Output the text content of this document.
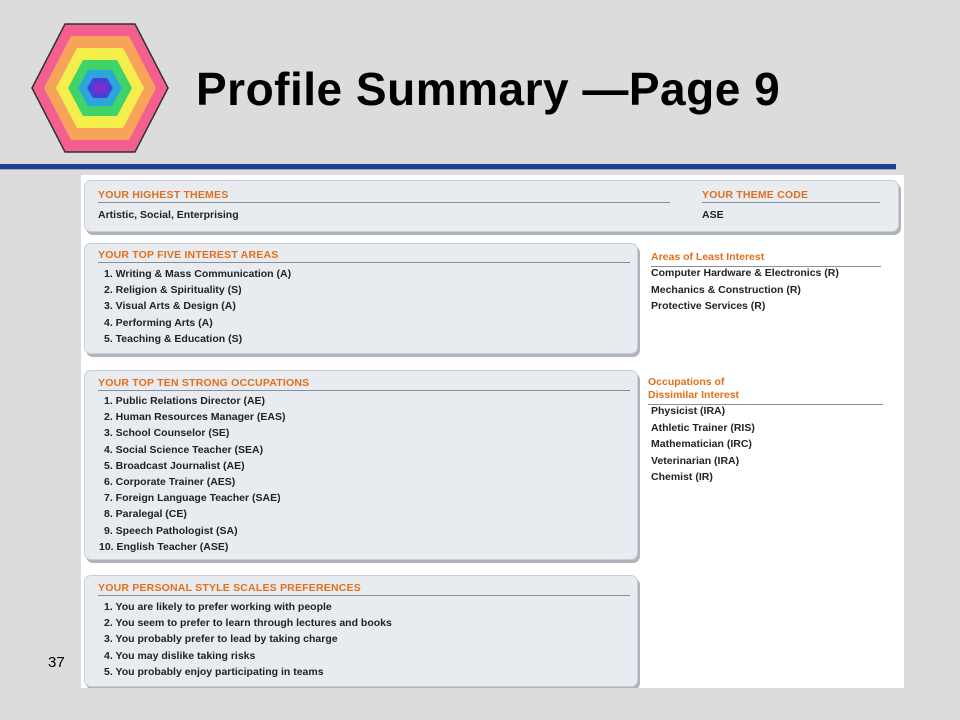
Profile Summary —Page 9
YOUR HIGHEST THEMES
Artistic, Social, Enterprising
YOUR THEME CODE
ASE
YOUR TOP FIVE INTEREST AREAS
1. Writing & Mass Communication (A)
2. Religion & Spirituality (S)
3. Visual Arts & Design (A)
4. Performing Arts (A)
5. Teaching & Education (S)
Areas of Least Interest
Computer Hardware & Electronics (R)
Mechanics & Construction (R)
Protective Services (R)
YOUR TOP TEN STRONG OCCUPATIONS
1. Public Relations Director (AE)
2. Human Resources Manager (EAS)
3. School Counselor (SE)
4. Social Science Teacher (SEA)
5. Broadcast Journalist (AE)
6. Corporate Trainer (AES)
7. Foreign Language Teacher (SAE)
8. Paralegal (CE)
9. Speech Pathologist (SA)
10. English Teacher (ASE)
Occupations of
Dissimilar Interest
Physicist (IRA)
Athletic Trainer (RIS)
Mathematician (IRC)
Veterinarian (IRA)
Chemist (IR)
YOUR PERSONAL STYLE SCALES PREFERENCES
1. You are likely to prefer working with people
2. You seem to prefer to learn through lectures and books
3. You probably prefer to lead by taking charge
4. You may dislike taking risks
5. You probably enjoy participating in teams
37
